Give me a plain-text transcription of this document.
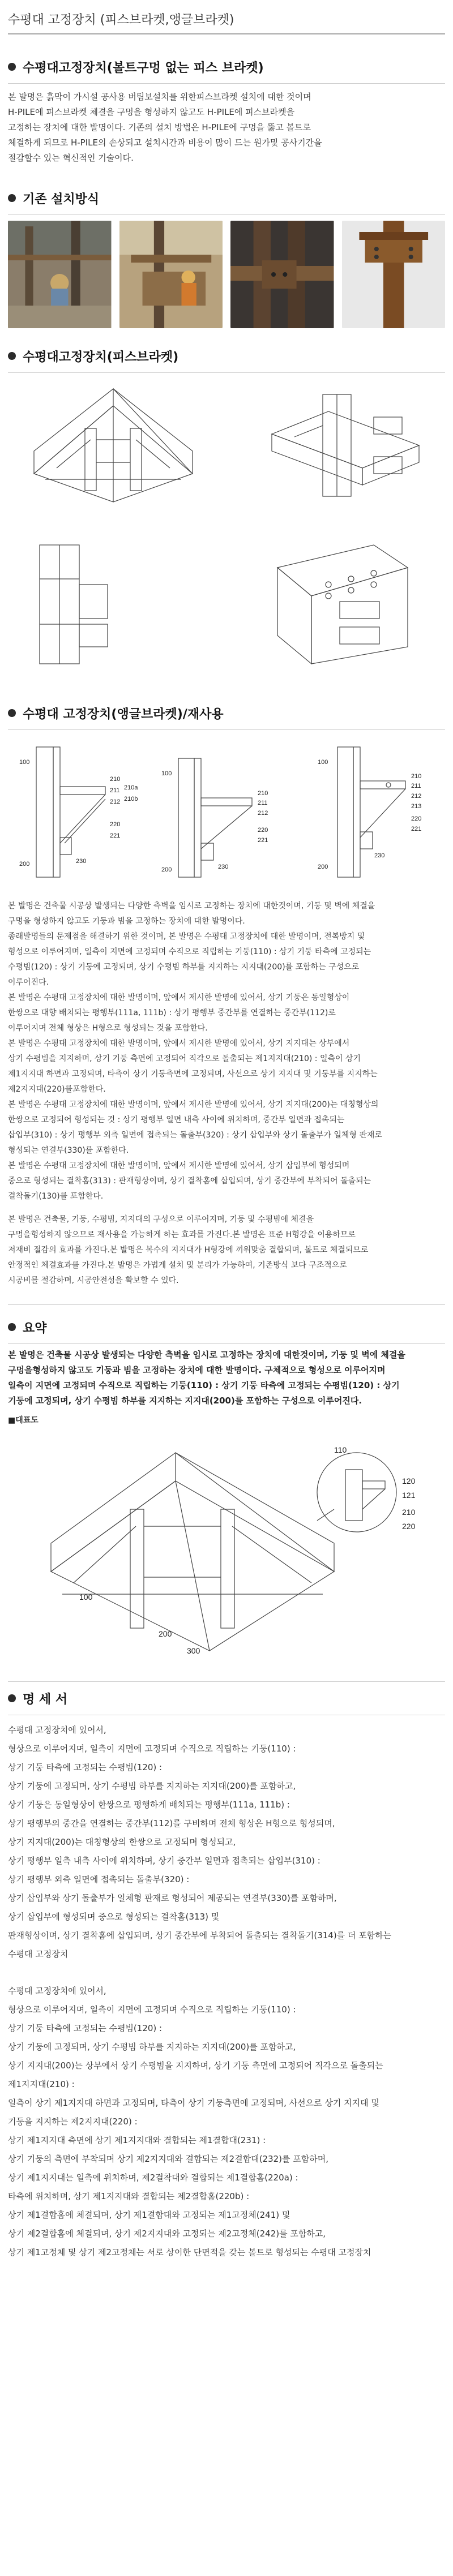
수평대 고정장치 (피스브라켓,앵글브라켓)
수평대고정장치(볼트구멍 없는 피스 브라켓)

본 발명은 흙막이 가시설 공사용 버팀보설치를 위한피스브라켓 설치에 대한 것이며

H-PILE에 피스브라켓 체결을 구멍을 형성하지 않고도 H-PILE에 피스브라켓을

고정하는 장치에 대한 발명이다. 기존의 설치 방법은 H-PILE에 구멍을 뚫고 볼트로

체결하게 되므로 H-PILE의 손상되고 설치시간과 비용이 많이 드는 원가및 공사기간을

절감할수 있는 혁신적인 기술이다.

기존 설치방식
수평대고정장치(피스브라켓)
수평대 고정장치(앵글브라켓)/재사용
100
200
210
211
212
220
221
230
210a
210b
100
200
210
211
212
220
221
230
100
200
210
211
212
220
221
230
213

본 발명은 건축물 시공상 발생되는 다양한 측벽을 임시로 고정하는 장치에 대한것이며, 기둥 및 벽에 체결을

구멍을 형성하지 않고도 기둥과 빔을 고정하는 장치에 대한 발명이다.

종래발명들의 문제점을 해결하기 위한 것이며, 본 발명은 수평대 고정장치에 대한 발명이며, 전복방지 및

형성으로 이루어지며, 일측이 지면에 고정되며 수직으로 직립하는 기둥(110) : 상기 기둥 타측에 고정되는

수평빔(120) : 상기 기둥에 고정되며, 상기 수평빔 하부를 지지하는 지지대(200)를 포함하는 구성으로

이루어진다.

본 발명은 수평대 고정장치에 대한 발명이며, 앞에서 제시한 발명에 있어서, 상기 기둥은 동일형상이

한쌍으로 대향 배치되는 평행부(111a, 111b) : 상기 평행부 중간부를 연결하는 중간부(112)로

이루어지며 전체 형상은 H형으로 형성되는 것을 포함한다.

본 발명은 수평대 고정장치에 대한 발명이며, 앞에서 제시한 발명에 있어서, 상기 지지대는 상부에서

상기 수평빔을 지지하며, 상기 기둥 측면에 고정되어 직각으로 돌출되는 제1지지대(210) : 일측이 상기

제1지지대 하면과 고정되며, 타측이 상기 기둥측면에 고정되며, 사선으로 상기 지지대 및 기둥부를 지지하는

제2지지대(220)를포함한다.

본 발명은 수평대 고정장치에 대한 발명이며, 앞에서 제시한 발명에 있어서, 상기 지지대(200)는 대칭형상의

한쌍으로 고정되어 형성되는 것 : 상기 평행부 일면 내측 사이에 위치하며, 중간부 일면과 접촉되는

삽입부(310) : 상기 평행부 외측 일면에 접촉되는 돌출부(320) : 상기 삽입부와 상기 돌출부가 일체형 판재로

형성되는 연결부(330)를 포함한다.

본 발명은 수평대 고정장치에 대한 발명이며, 앞에서 제시한 발명에 있어서, 상기 삽입부에 형성되며

중으로 형성되는 결착홈(313) : 판재형상이며, 상기 결착홈에 삽입되며, 상기 중간부에 부착되어 돌출되는

결착돌기(130)를 포함한다.

본 발명은 건축물, 기둥, 수평빔, 지지대의 구성으로 이루어지며, 기둥 및 수평빔에 체결을

구멍을형성하지 않으므로 재사용을 가능하게 하는 효과를 가진다.본 발명은 표준 H형강을 이용하므로

저재비 절감의 효과를 가진다.본 발명은 복수의 지지대가 H형강에 끼워맞춤 결합되며, 볼트로 체결되므로

안정적인 체결효과를 가진다.본 발명은 가볍게 설치 및 분리가 가능하여, 기존방식 보다 구조적으로

시공비를 절감하며, 시공안전성을 확보할 수 있다.

요약
본 발명은 건축물 시공상 발생되는 다양한 측벽을 임시로 고정하는 장치에 대한것이며, 기둥 및 벽에 체결을
구멍을형성하지 않고도 기둥과 빔을 고정하는 장치에 대한 발명이다. 구체적으로 형성으로 이루어지며
일측이 지면에 고정되며 수직으로 직립하는 기둥(110) : 상기 기둥 타측에 고정되는 수평빔(120) : 상기
기둥에 고정되며, 상기 수평빔 하부를 지지하는 지지대(200)를 포함하는 구성으로 이루어진다.
■대표도
100
110
120
121
200
210
220
300
명 세 서

수평대 고정장치에 있어서,

형상으로 이루어지며, 일측이 지면에 고정되며 수직으로 직립하는 기둥(110) :

상기 기둥 타측에 고정되는 수평빔(120) :

상기 기둥에 고정되며, 상기 수평빔 하부를 지지하는 지지대(200)를 포함하고,

상기 기둥은 동일형상이 한쌍으로 평행하게 배치되는 평행부(111a, 111b) :

상기 평행부의 중간을 연결하는 중간부(112)를 구비하며 전체 형상은 H형으로 형성되며,

상기 지지대(200)는 대칭형상의 한쌍으로 고정되며 형성되고,

상기 평행부 일측 내측 사이에 위치하며, 상기 중간부 일면과 접촉되는 삽입부(310) :

상기 평행부 외측 일면에 접촉되는 돌출부(320) :

상기 삽입부와 상기 돌출부가 일체형 판재로 형성되어 제공되는 연결부(330)를 포함하며,

상기 삽입부에 형성되며 중으로 형성되는 결착홈(313) 및

판재형상이며, 상기 결착홈에 삽입되며, 상기 중간부에 부착되어 돌출되는 결착돌기(314)를 더 포함하는

수평대 고정장치

수평대 고정장치에 있어서,

형상으로 이루어지며, 일측이 지면에 고정되며 수직으로 직립하는 기둥(110) :

상기 기둥 타측에 고정되는 수평빔(120) :

상기 기둥에 고정되며, 상기 수평빔 하부를 지지하는 지지대(200)를 포함하고,

상기 지지대(200)는 상부에서 상기 수평빔을 지지하며, 상기 기둥 측면에 고정되어 직각으로 돌출되는

제1지지대(210) :

일측이 상기 제1지지대 하면과 고정되며, 타측이 상기 기둥측면에 고정되며, 사선으로 상기 지지대 및

기둥을 지지하는 제2지지대(220) :

상기 제1지지대 측면에 상기 제1지지대와 결합되는 제1결합대(231) :

상기 기둥의 측면에 부착되며 상기 제2지지대와 결합되는 제2결합대(232)를 포함하며,

상기 제1지지대는 일측에 위치하며, 제2결착대와 결합되는 제1결합홈(220a) :

타측에 위치하며, 상기 제1지지대와 결합되는 제2결합홈(220b) :

상기 제1결합홈에 체결되며, 상기 제1결합대와 고정되는 제1고정체(241) 및

상기 제2결합홈에 체결되며, 상기 제2지지대와 고정되는 제2고정체(242)를 포함하고,

상기 제1고정체 및 상기 제2고정체는 서로 상이한 단면적을 갖는 볼트로 형성되는 수평대 고정장치
